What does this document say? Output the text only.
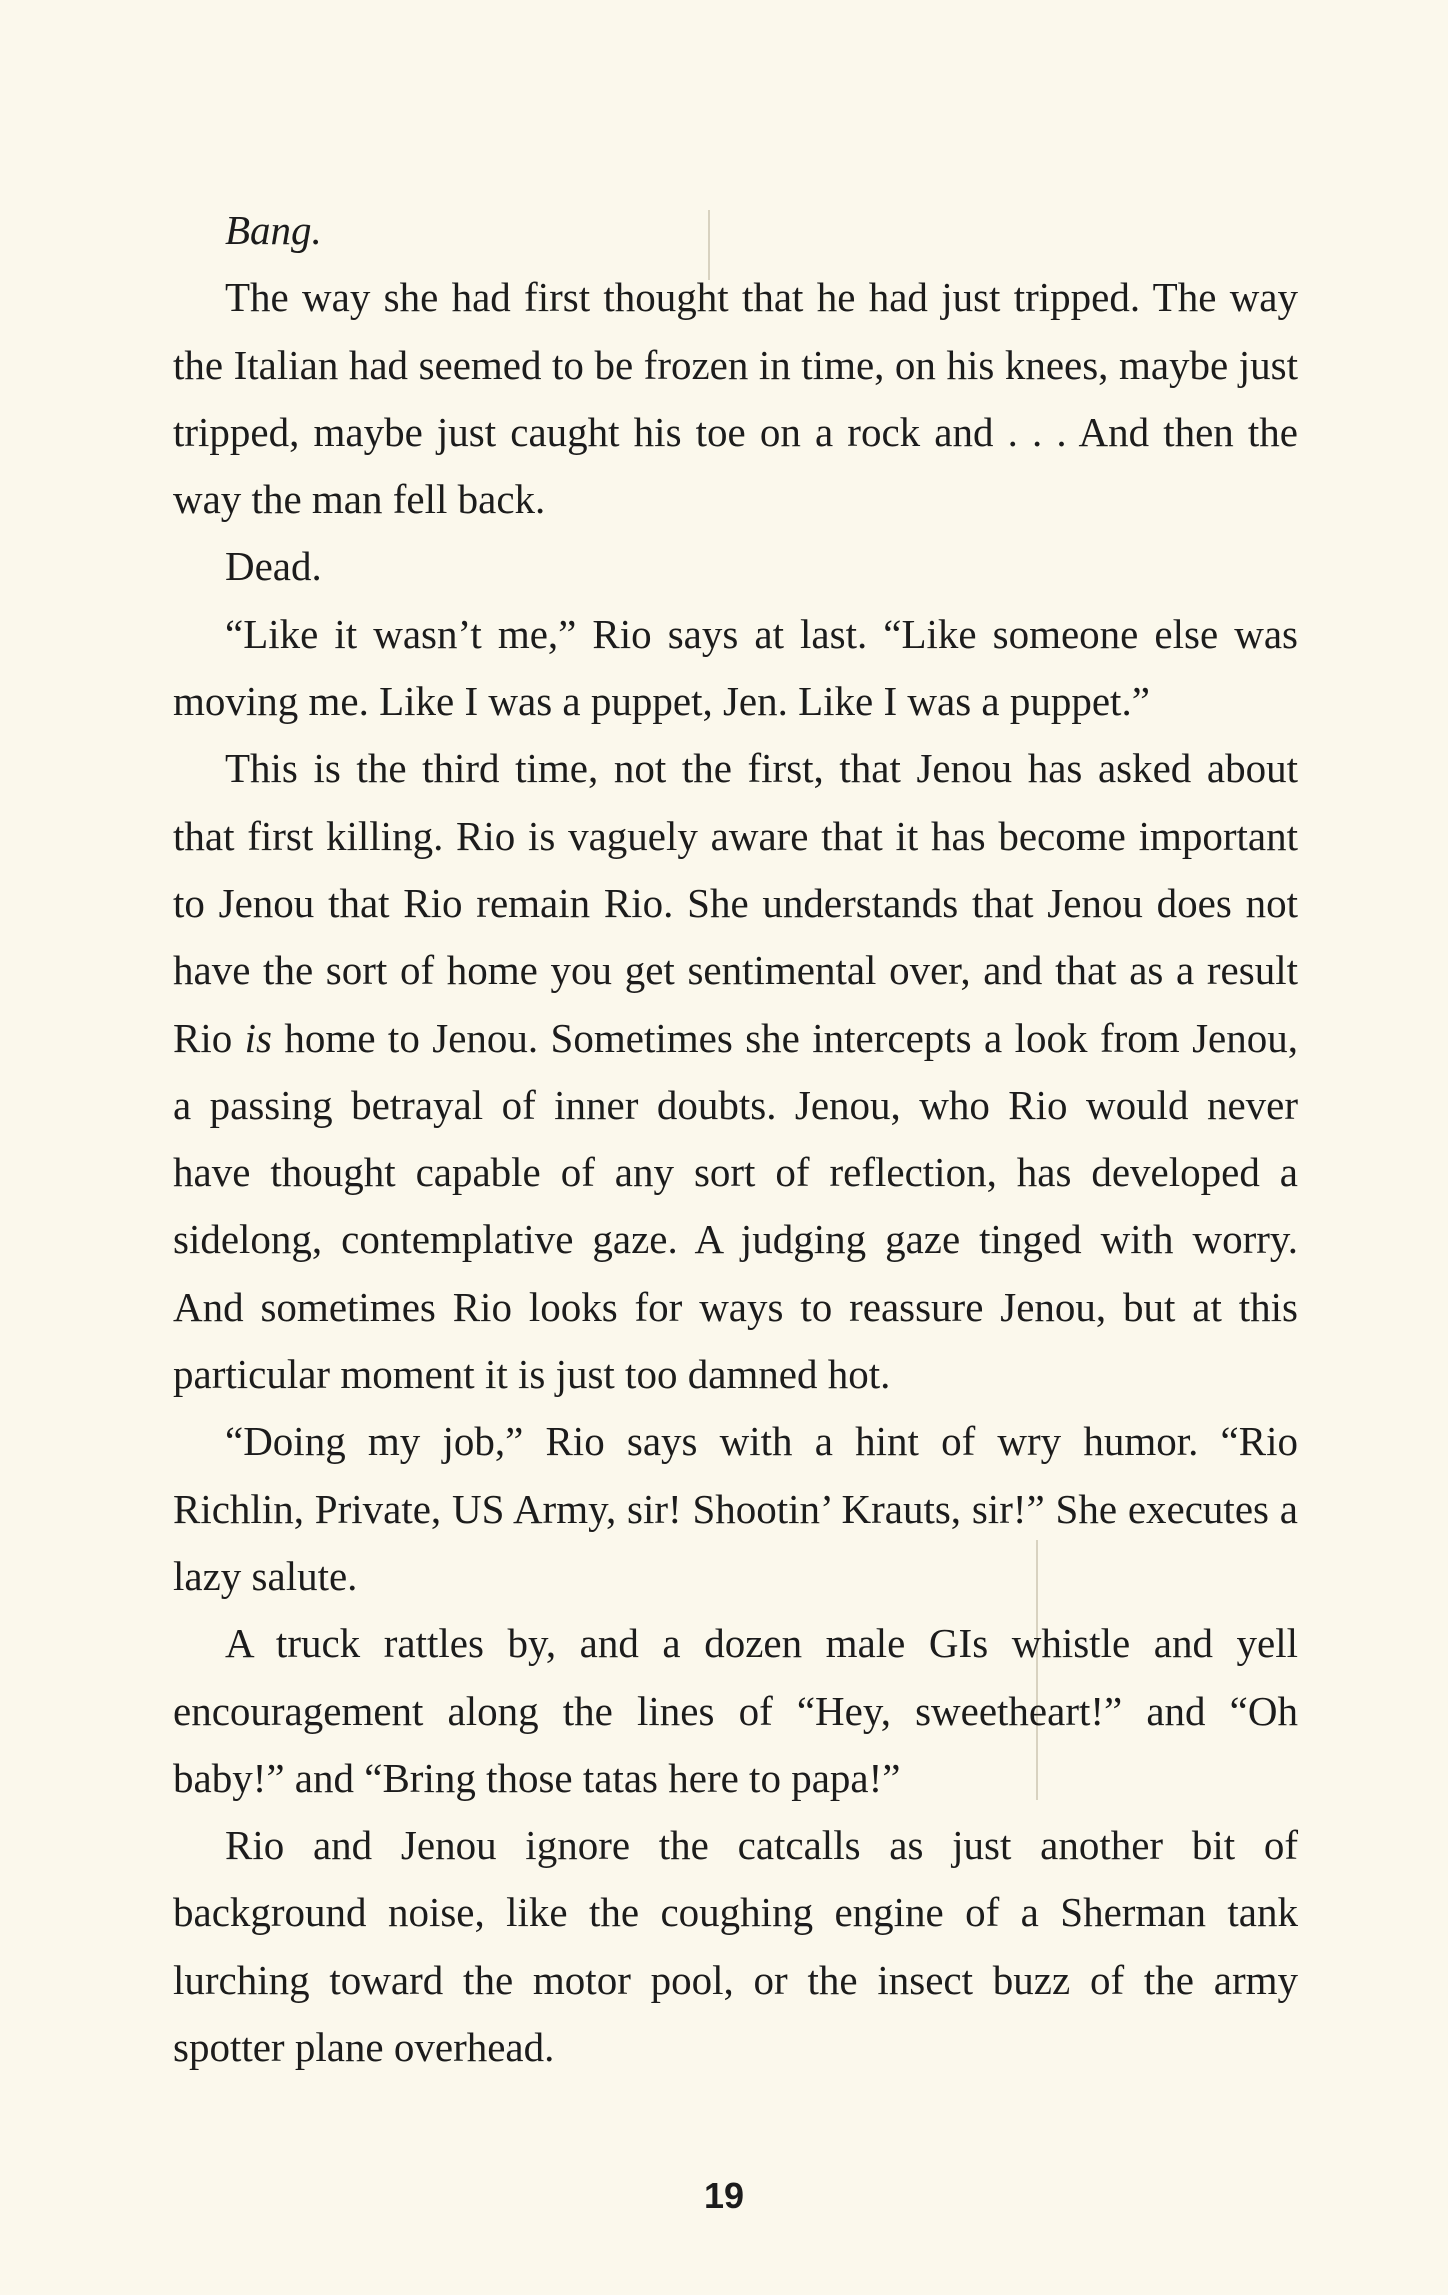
Bang.

The way she had first thought that he had just tripped. The way the Italian had seemed to be frozen in time, on his knees, maybe just tripped, maybe just caught his toe on a rock and . . . And then the way the man fell back.

Dead.

“Like it wasn’t me,” Rio says at last. “Like someone else was moving me. Like I was a puppet, Jen. Like I was a puppet.”

This is the third time, not the first, that Jenou has asked about that first killing. Rio is vaguely aware that it has become important to Jenou that Rio remain Rio. She understands that Jenou does not have the sort of home you get sentimental over, and that as a result Rio is home to Jenou. Sometimes she intercepts a look from Jenou, a passing betrayal of inner doubts. Jenou, who Rio would never have thought capable of any sort of reflection, has developed a sidelong, contemplative gaze. A judging gaze tinged with worry. And sometimes Rio looks for ways to reassure Jenou, but at this particular moment it is just too damned hot.

“Doing my job,” Rio says with a hint of wry humor. “Rio Richlin, Private, US Army, sir! Shootin’ Krauts, sir!” She executes a lazy salute.

A truck rattles by, and a dozen male GIs whistle and yell encouragement along the lines of “Hey, sweetheart!” and “Oh baby!” and “Bring those tatas here to papa!”

Rio and Jenou ignore the catcalls as just another bit of background noise, like the coughing engine of a Sherman tank lurching toward the motor pool, or the insect buzz of the army spotter plane overhead.

19
